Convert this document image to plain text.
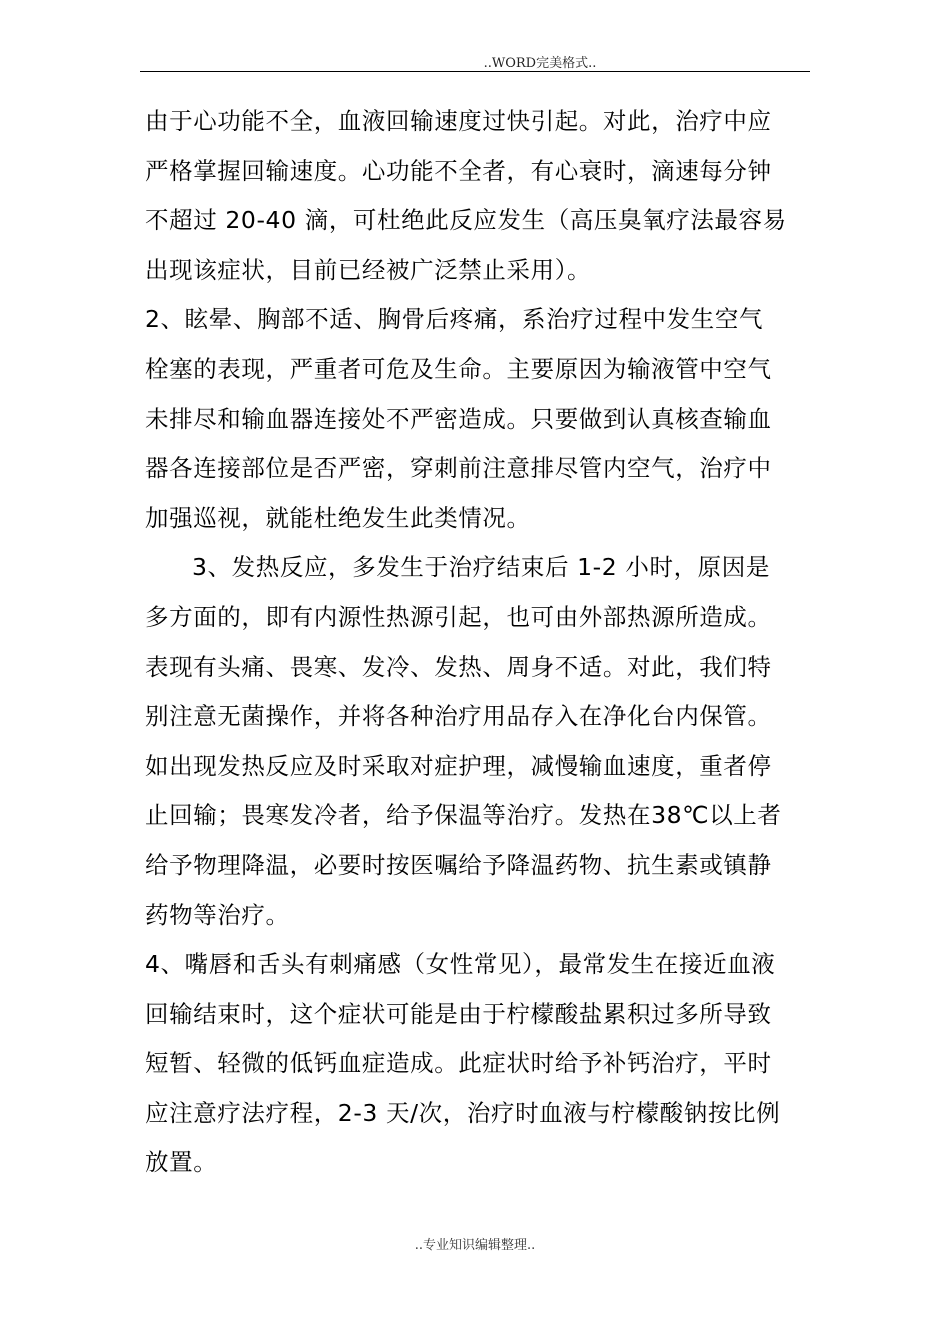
..WORD完美格式..
由于心功能不全，血液回输速度过快引起。对此，治疗中应
严格掌握回输速度。心功能不全者，有心衰时，滴速每分钟
不超过 20-40 滴，可杜绝此反应发生（高压臭氧疗法最容易
出现该症状，目前已经被广泛禁止采用）。
2、眩晕、胸部不适、胸骨后疼痛，系治疗过程中发生空气
栓塞的表现，严重者可危及生命。主要原因为输液管中空气
未排尽和输血器连接处不严密造成。只要做到认真核查输血
器各连接部位是否严密，穿刺前注意排尽管内空气，治疗中
加强巡视，就能杜绝发生此类情况。
3、发热反应，多发生于治疗结束后 1-2 小时，原因是
多方面的，即有内源性热源引起，也可由外部热源所造成。
表现有头痛、畏寒、发冷、发热、周身不适。对此，我们特
别注意无菌操作，并将各种治疗用品存入在净化台内保管。
如出现发热反应及时采取对症护理，减慢输血速度，重者停
止回输；畏寒发冷者，给予保温等治疗。发热在38℃以上者
给予物理降温，必要时按医嘱给予降温药物、抗生素或镇静
药物等治疗。
4、嘴唇和舌头有刺痛感（女性常见），最常发生在接近血液
回输结束时，这个症状可能是由于柠檬酸盐累积过多所导致
短暂、轻微的低钙血症造成。此症状时给予补钙治疗，平时
应注意疗法疗程，2-3 天/次，治疗时血液与柠檬酸钠按比例
放置。
..专业知识编辑整理..
